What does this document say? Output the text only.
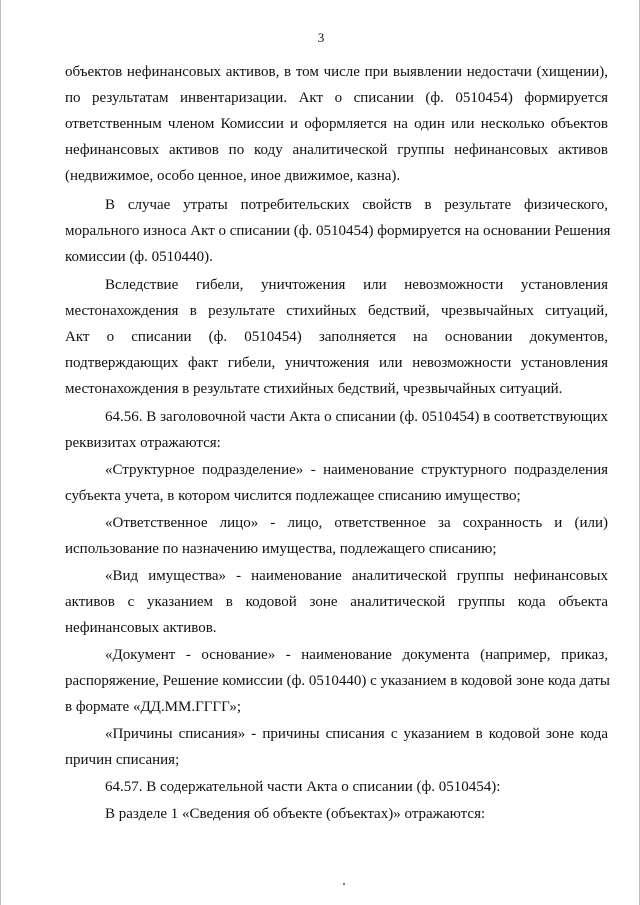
3
объектов нефинансовых активов, в том числе при выявлении недостачи (хищении),
по результатам инвентаризации. Акт о списании (ф. 0510454) формируется
ответственным членом Комиссии и оформляется на один или несколько объектов
нефинансовых активов по коду аналитической группы нефинансовых активов
(недвижимое, особо ценное, иное движимое, казна).
В случае утраты потребительских свойств в результате физического,
морального износа Акт о списании (ф. 0510454) формируется на основании Решения
комиссии (ф. 0510440).
Вследствие гибели, уничтожения или невозможности установления
местонахождения в результате стихийных бедствий, чрезвычайных ситуаций,
Акт о списании (ф. 0510454) заполняется на основании документов,
подтверждающих факт гибели, уничтожения или невозможности установления
местонахождения в результате стихийных бедствий, чрезвычайных ситуаций.
64.56. В заголовочной части Акта о списании (ф. 0510454) в соответствующих
реквизитах отражаются:
«Структурное подразделение» - наименование структурного подразделения
субъекта учета, в котором числится подлежащее списанию имущество;
«Ответственное лицо» - лицо, ответственное за сохранность и (или)
использование по назначению имущества, подлежащего списанию;
«Вид имущества» - наименование аналитической группы нефинансовых
активов с указанием в кодовой зоне аналитической группы кода объекта
нефинансовых активов.
«Документ - основание» - наименование документа (например, приказ,
распоряжение, Решение комиссии (ф. 0510440) с указанием в кодовой зоне кода даты
в формате «ДД.ММ.ГГГГ»;
«Причины списания» - причины списания с указанием в кодовой зоне кода
причин списания;
64.57. В содержательной части Акта о списании (ф. 0510454):
В разделе 1 «Сведения об объекте (объектах)» отражаются:
